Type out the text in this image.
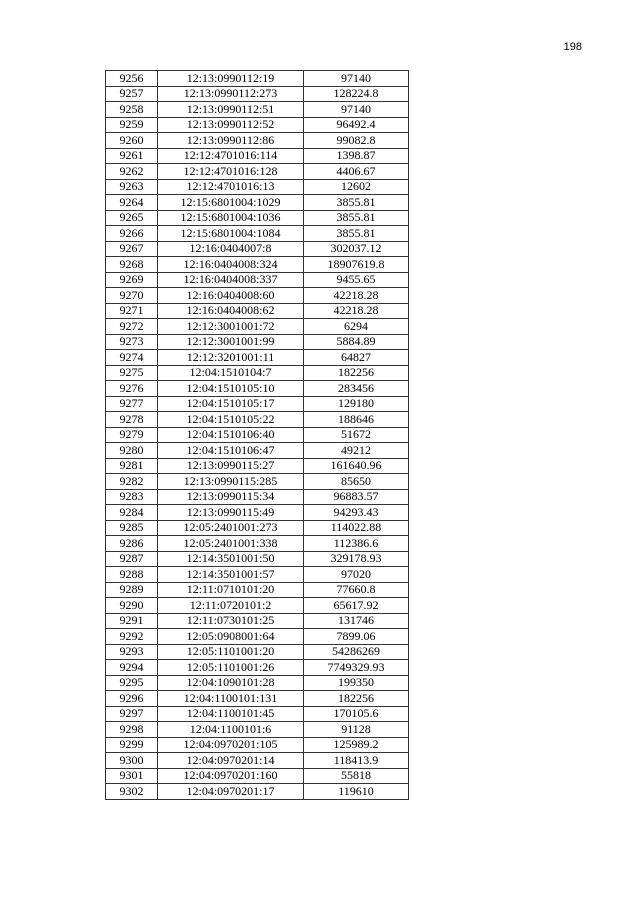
198
9256	12:13:0990112:19	97140
9257	12:13:0990112:273	128224.8
9258	12:13:0990112:51	97140
9259	12:13:0990112:52	96492.4
9260	12:13:0990112:86	99082.8
9261	12:12:4701016:114	1398.87
9262	12:12:4701016:128	4406.67
9263	12:12:4701016:13	12602
9264	12:15:6801004:1029	3855.81
9265	12:15:6801004:1036	3855.81
9266	12:15:6801004:1084	3855.81
9267	12:16:0404007:8	302037.12
9268	12:16:0404008:324	18907619.8
9269	12:16:0404008:337	9455.65
9270	12:16:0404008:60	42218.28
9271	12:16:0404008:62	42218.28
9272	12:12:3001001:72	6294
9273	12:12:3001001:99	5884.89
9274	12:12:3201001:11	64827
9275	12:04:1510104:7	182256
9276	12:04:1510105:10	283456
9277	12:04:1510105:17	129180
9278	12:04:1510105:22	188646
9279	12:04:1510106:40	51672
9280	12:04:1510106:47	49212
9281	12:13:0990115:27	161640.96
9282	12:13:0990115:285	85650
9283	12:13:0990115:34	96883.57
9284	12:13:0990115:49	94293.43
9285	12:05:2401001:273	114022.88
9286	12:05:2401001:338	112386.6
9287	12:14:3501001:50	329178.93
9288	12:14:3501001:57	97020
9289	12:11:0710101:20	77660.8
9290	12:11:0720101:2	65617.92
9291	12:11:0730101:25	131746
9292	12:05:0908001:64	7899.06
9293	12:05:1101001:20	54286269
9294	12:05:1101001:26	7749329.93
9295	12:04:1090101:28	199350
9296	12:04:1100101:131	182256
9297	12:04:1100101:45	170105.6
9298	12:04:1100101:6	91128
9299	12:04:0970201:105	125989.2
9300	12:04:0970201:14	118413.9
9301	12:04:0970201:160	55818
9302	12:04:0970201:17	119610
